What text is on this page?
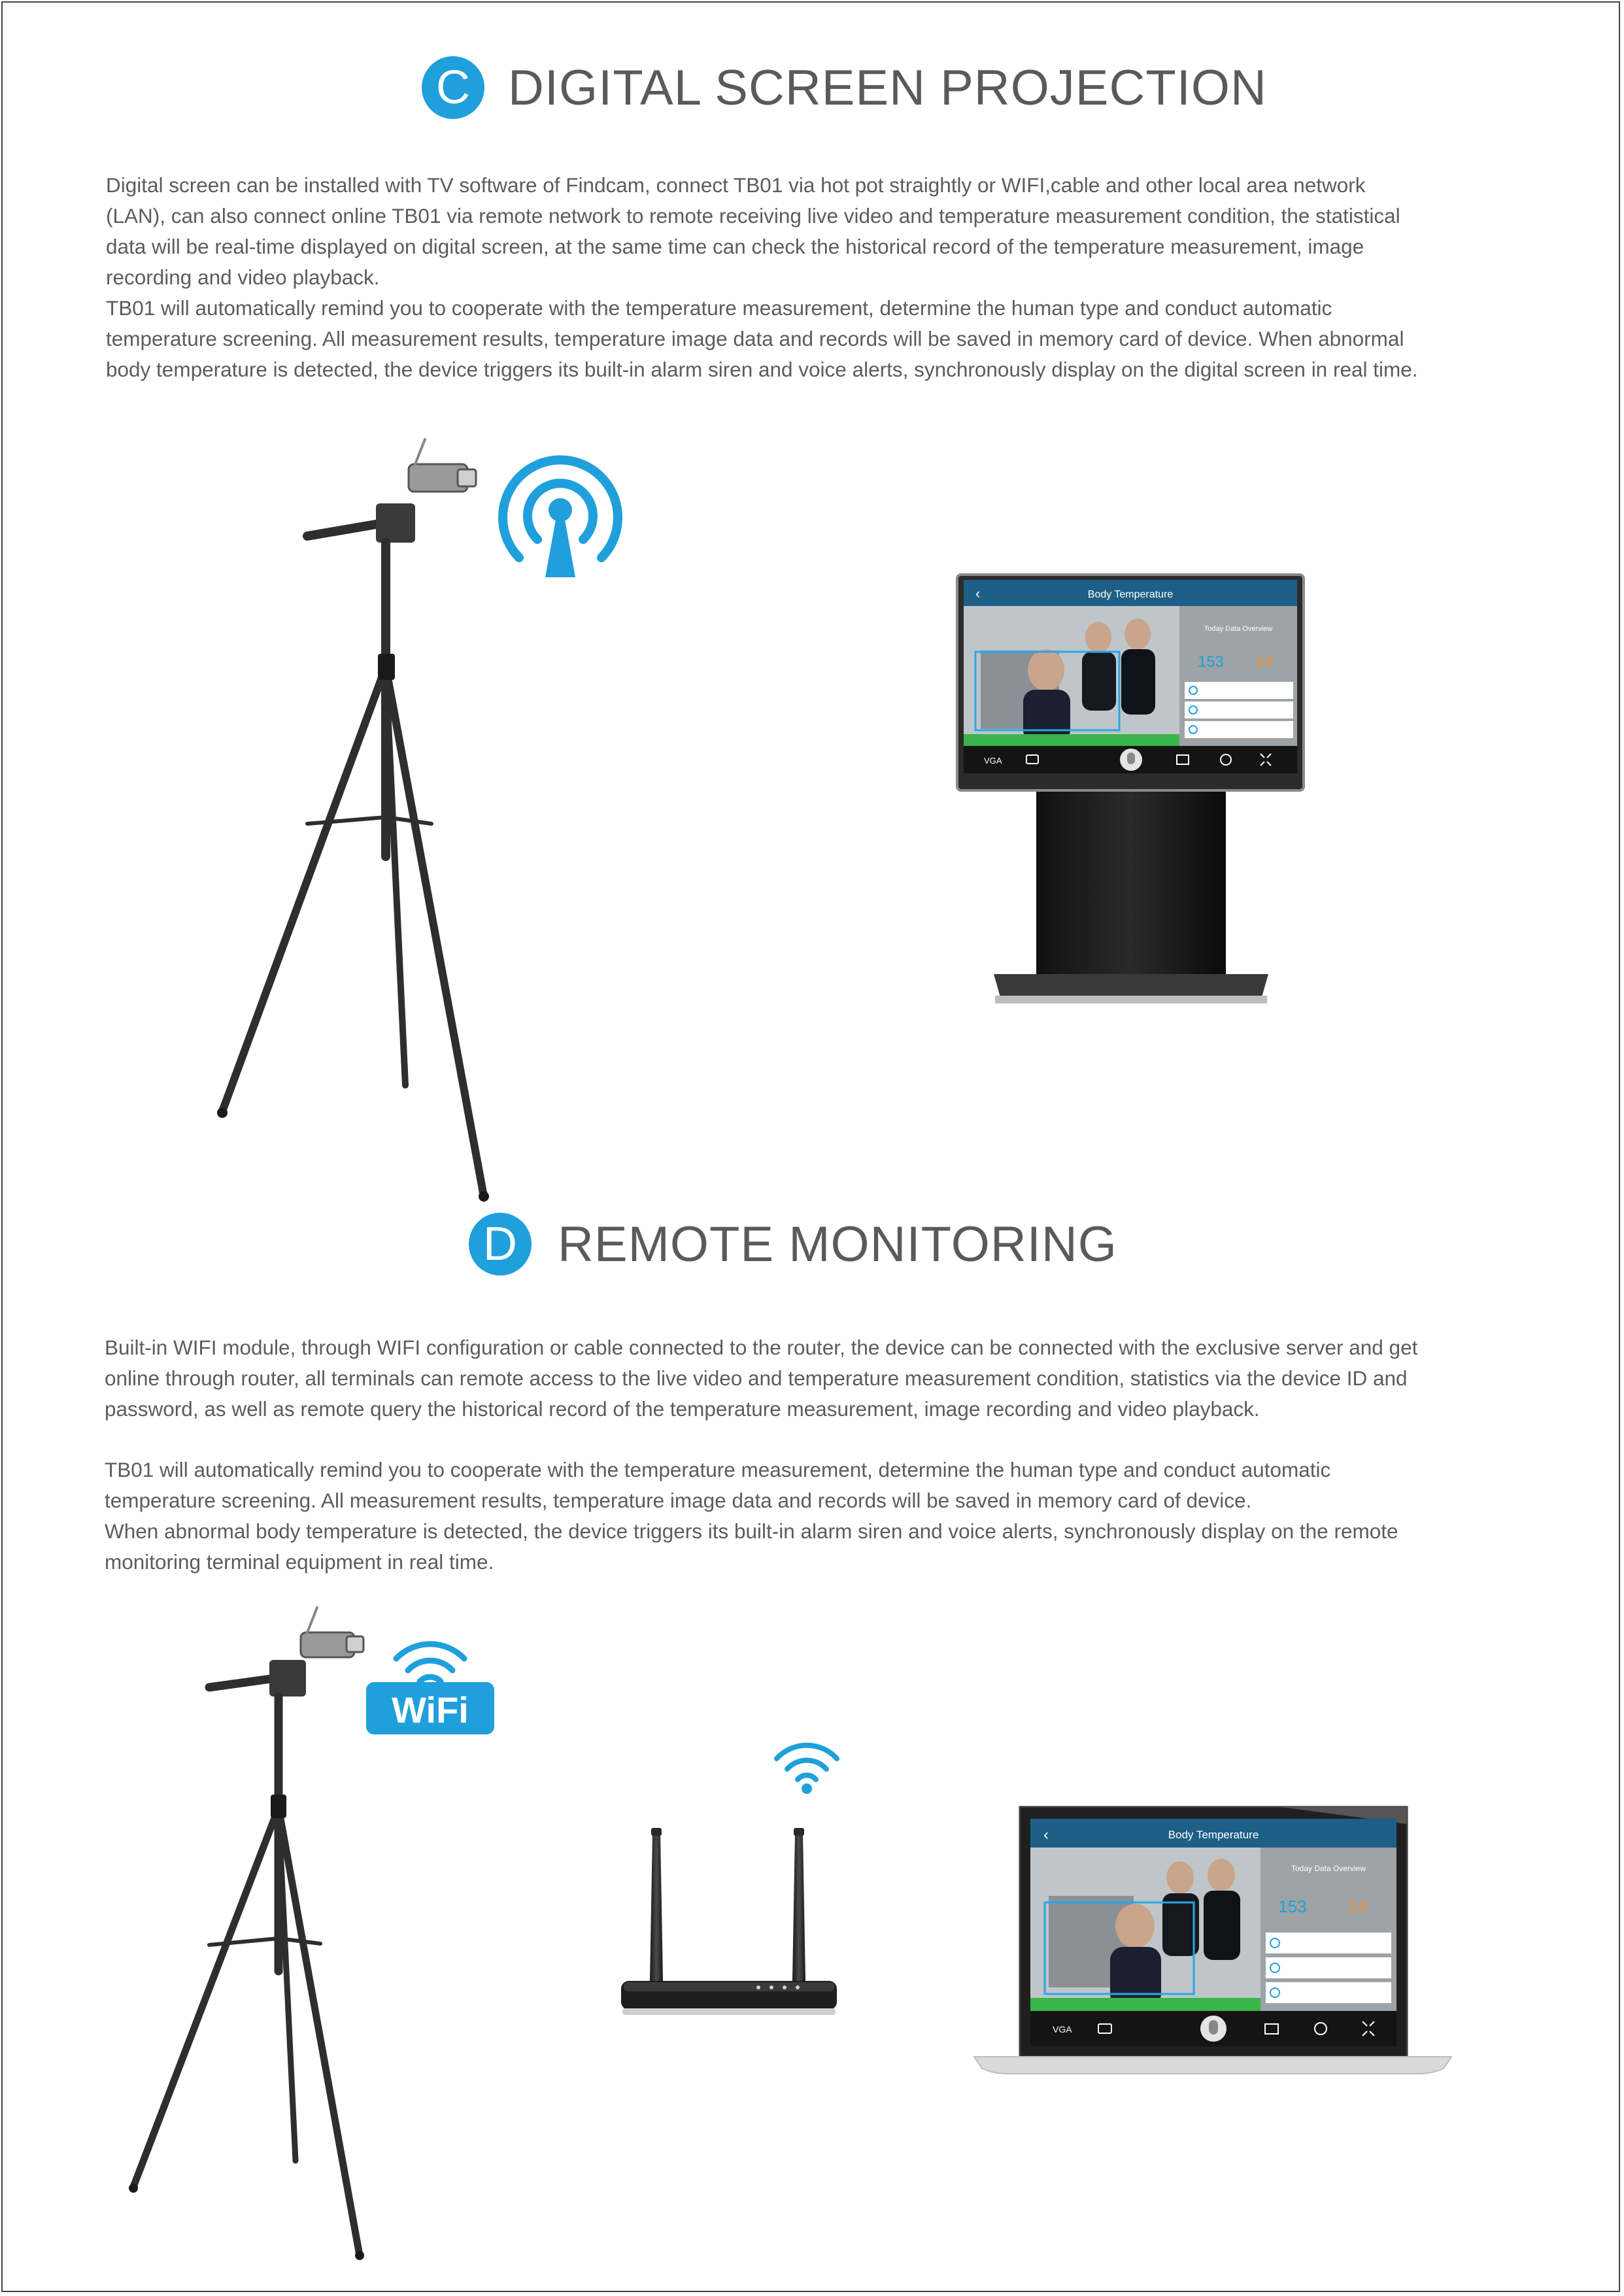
C DIGITAL SCREEN PROJECTION

Digital screen can be installed with TV software of Findcam, connect TB01 via hot pot straightly or WIFI,cable and other local area network (LAN), can also connect online TB01 via remote network to remote receiving live video and temperature measurement condition, the statistical data will be real-time displayed on digital screen, at the same time can check the historical record of the temperature measurement, image recording and video playback.

TB01 will automatically remind you to cooperate with the temperature measurement, determine the human type and conduct automatic temperature screening. All measurement results, temperature image data and records will be saved in memory card of device. When abnormal body temperature is detected, the device triggers its built-in alarm siren and voice alerts, synchronously display on the digital screen in real time.

‹	Body Temperature
Today Data Overview
153 14
VGA
D REMOTE MONITORING

Built-in WIFI module, through WIFI configuration or cable connected to the router, the device can be connected with the exclusive server and get online through router, all terminals can remote access to the live video and temperature measurement condition, statistics via the device ID and password, as well as remote query the historical record of the temperature measurement, image recording and video playback.

TB01 will automatically remind you to cooperate with the temperature measurement, determine the human type and conduct automatic temperature screening. All measurement results, temperature image data and records will be saved in memory card of device.

When abnormal body temperature is detected, the device triggers its built-in alarm siren and voice alerts, synchronously display on the remote monitoring terminal equipment in real time.

WiFi
‹	Body Temperature
Today Data Overview
153 14
VGA
